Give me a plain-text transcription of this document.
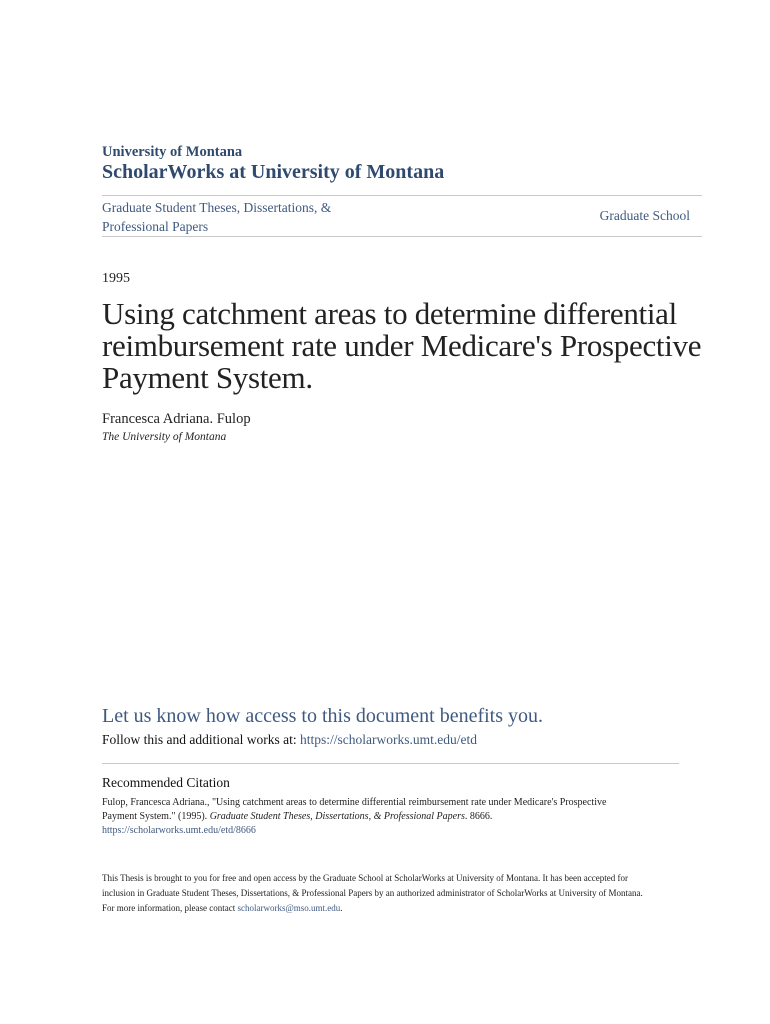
University of Montana
ScholarWorks at University of Montana
Graduate Student Theses, Dissertations, &
Professional Papers
Graduate School
1995
Using catchment areas to determine differential
reimbursement rate under Medicare's Prospective
Payment System.
Francesca Adriana. Fulop
The University of Montana
Let us know how access to this document benefits you.
Follow this and additional works at: https://scholarworks.umt.edu/etd
Recommended Citation
Fulop, Francesca Adriana., "Using catchment areas to determine differential reimbursement rate under Medicare's Prospective
Payment System." (1995). Graduate Student Theses, Dissertations, & Professional Papers. 8666.
https://scholarworks.umt.edu/etd/8666
This Thesis is brought to you for free and open access by the Graduate School at ScholarWorks at University of Montana. It has been accepted for
inclusion in Graduate Student Theses, Dissertations, & Professional Papers by an authorized administrator of ScholarWorks at University of Montana.
For more information, please contact scholarworks@mso.umt.edu.
